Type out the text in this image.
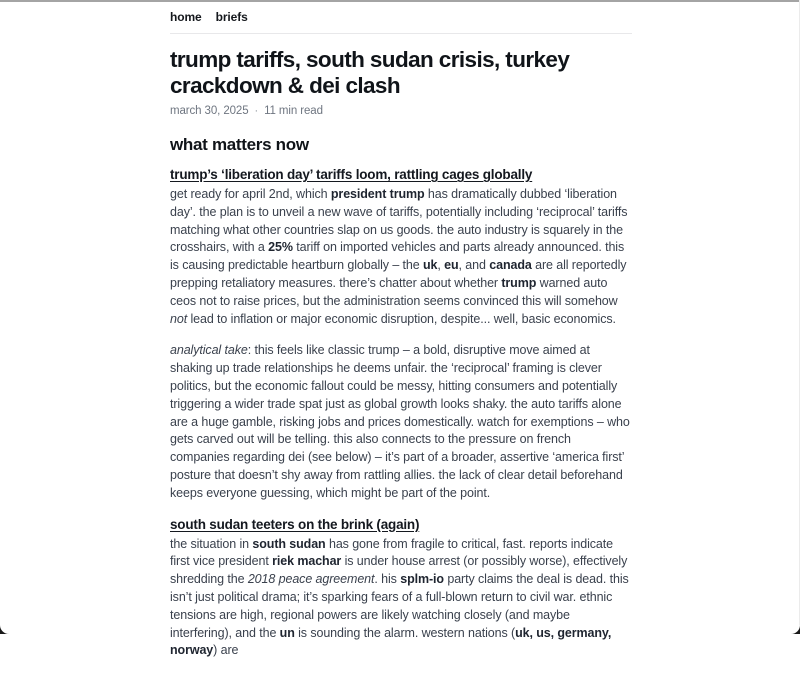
home briefs
trump tariffs, south sudan crisis, turkey crackdown & dei clash
march 30, 2025 · 11 min read
what matters now
trump’s ‘liberation day’ tariffs loom, rattling cages globally

get ready for april 2nd, which president trump has dramatically dubbed ‘liberation day’. the plan is to unveil a new wave of tariffs, potentially including ‘reciprocal’ tariffs matching what other countries slap on us goods. the auto industry is squarely in the crosshairs, with a 25% tariff on imported vehicles and parts already announced. this is causing predictable heartburn globally – the uk, eu, and canada are all reportedly prepping retaliatory measures. there’s chatter about whether trump warned auto ceos not to raise prices, but the administration seems convinced this will somehow not lead to inflation or major economic disruption, despite... well, basic economics.

analytical take: this feels like classic trump – a bold, disruptive move aimed at shaking up trade relationships he deems unfair. the ‘reciprocal’ framing is clever politics, but the economic fallout could be messy, hitting consumers and potentially triggering a wider trade spat just as global growth looks shaky. the auto tariffs alone are a huge gamble, risking jobs and prices domestically. watch for exemptions – who gets carved out will be telling. this also connects to the pressure on french companies regarding dei (see below) – it’s part of a broader, assertive ‘america first’ posture that doesn’t shy away from rattling allies. the lack of clear detail beforehand keeps everyone guessing, which might be part of the point.

south sudan teeters on the brink (again)

the situation in south sudan has gone from fragile to critical, fast. reports indicate first vice president riek machar is under house arrest (or possibly worse), effectively shredding the 2018 peace agreement. his splm-io party claims the deal is dead. this isn’t just political drama; it’s sparking fears of a full-blown return to civil war. ethnic tensions are high, regional powers are likely watching closely (and maybe interfering), and the un is sounding the alarm. western nations (uk, us, germany, norway) are
